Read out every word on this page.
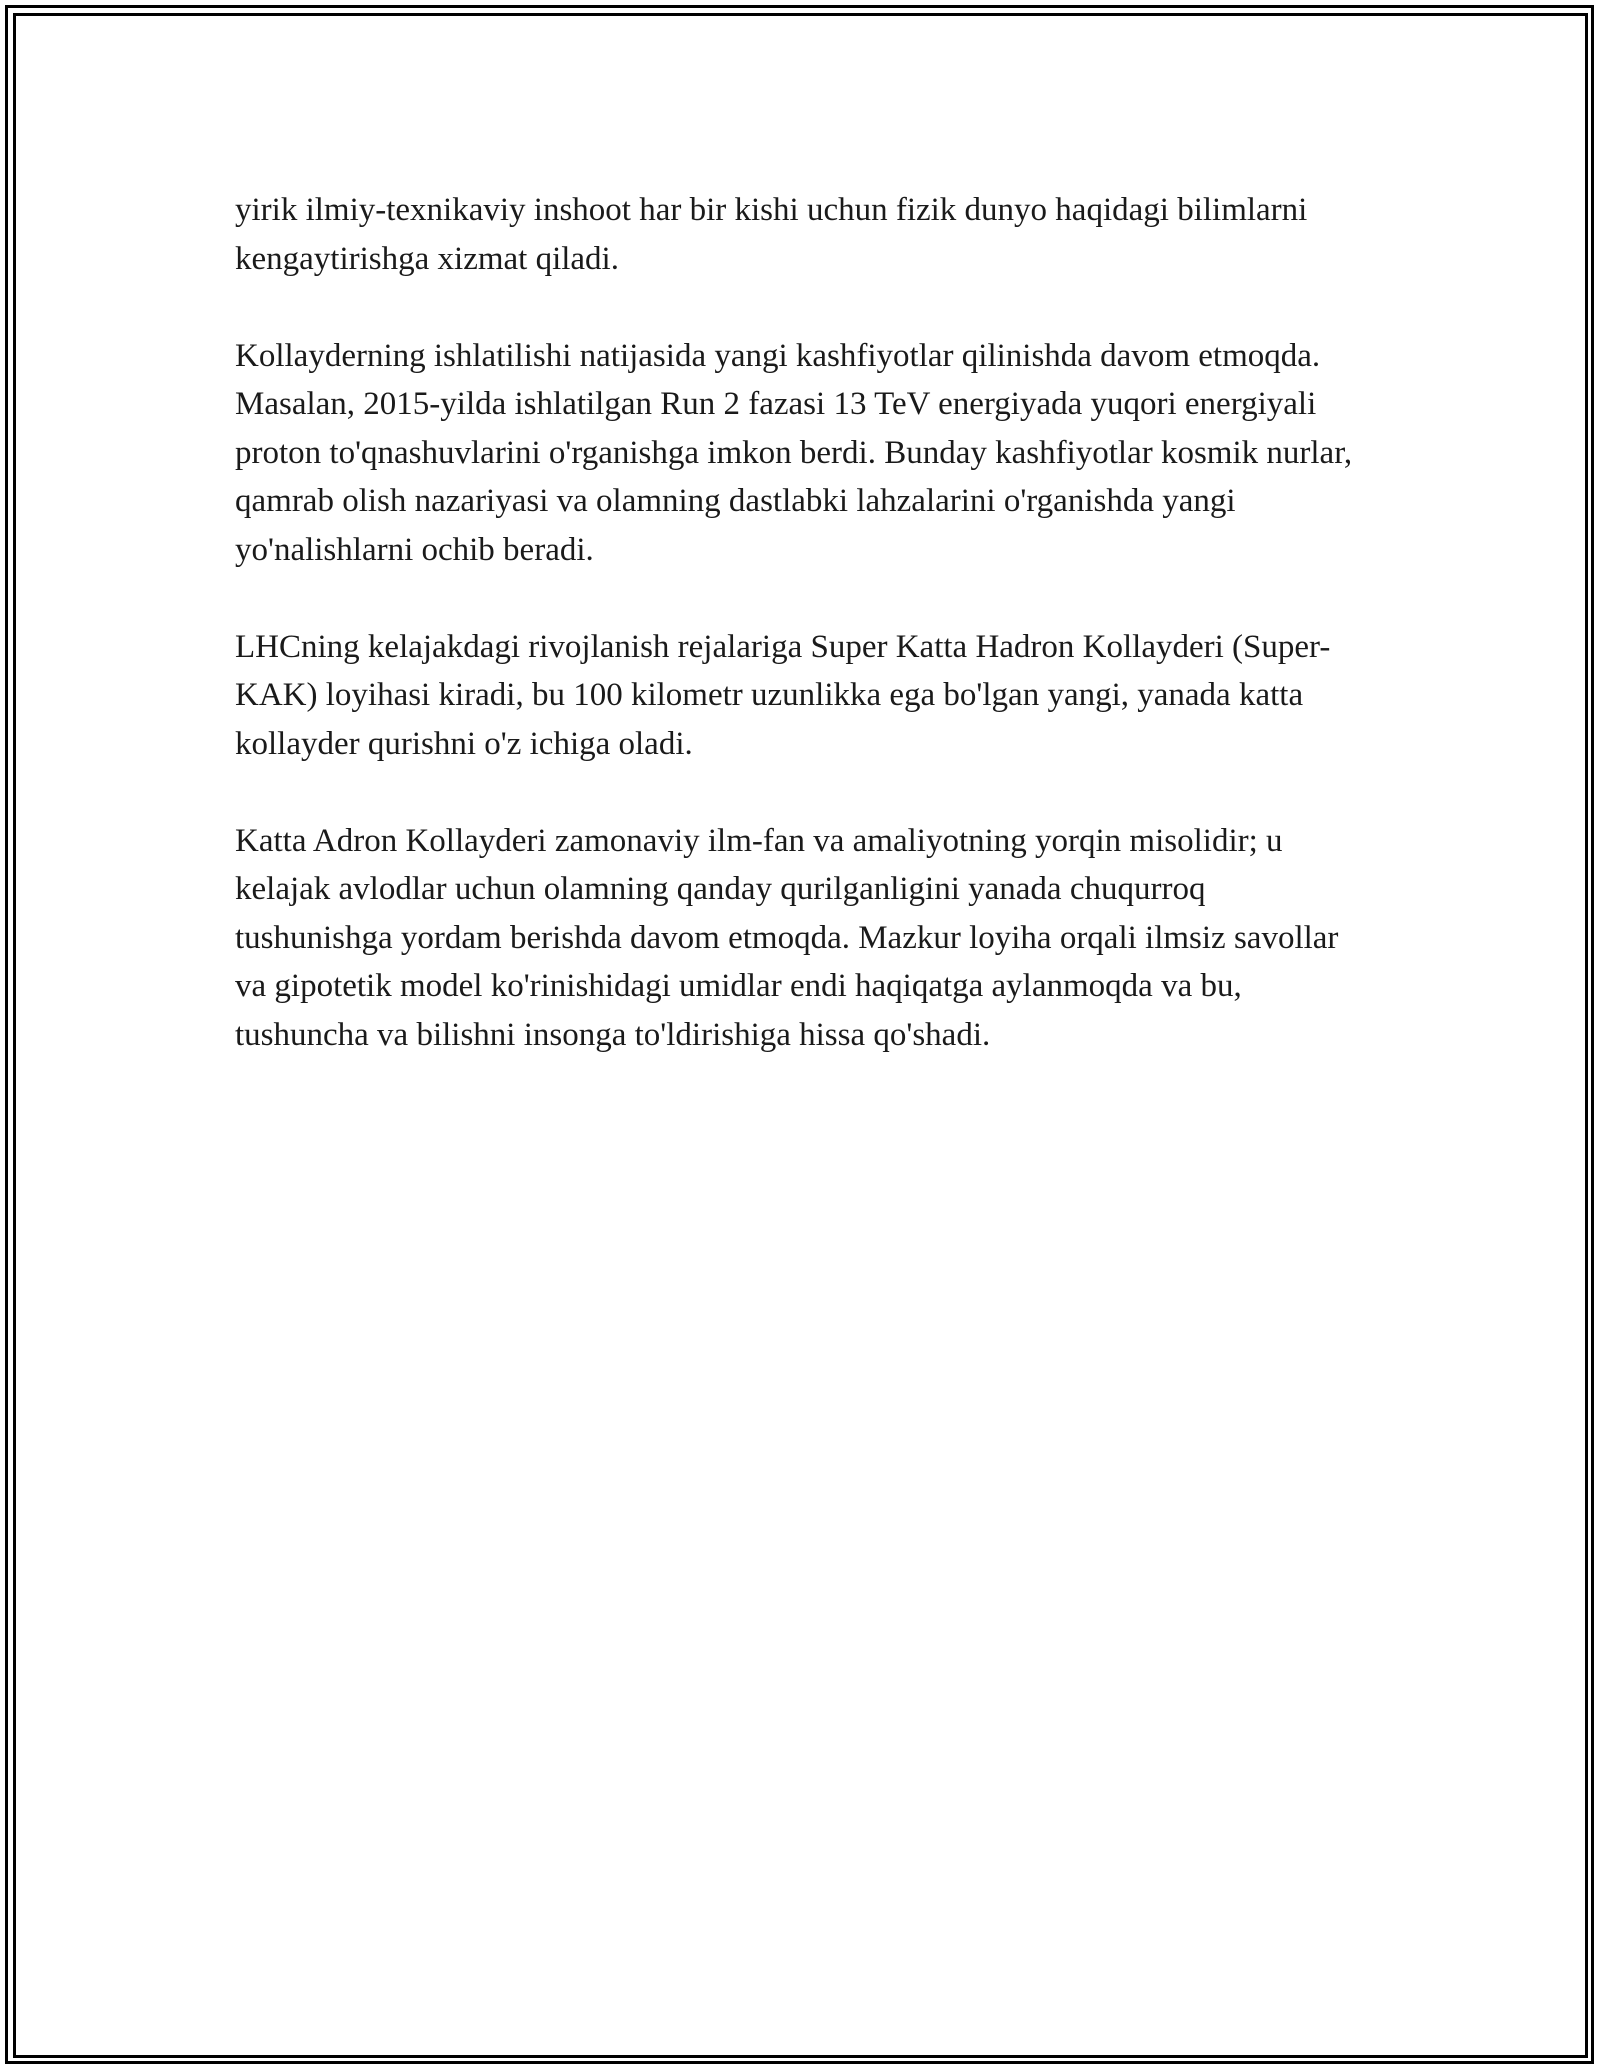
yirik ilmiy-texnikaviy inshoot har bir kishi uchun fizik dunyo haqidagi bilimlarni kengaytirishga xizmat qiladi.

Kollayderning ishlatilishi natijasida yangi kashfiyotlar qilinishda davom etmoqda. Masalan, 2015-yilda ishlatilgan Run 2 fazasi 13 TeV energiyada yuqori energiyali proton to'qnashuvlarini o'rganishga imkon berdi. Bunday kashfiyotlar kosmik nurlar, qamrab olish nazariyasi va olamning dastlabki lahzalarini o'rganishda yangi yo'nalishlarni ochib beradi.

LHCning kelajakdagi rivojlanish rejalariga Super Katta Hadron Kollayderi (Super-KAK) loyihasi kiradi, bu 100 kilometr uzunlikka ega bo'lgan yangi, yanada katta kollayder qurishni o'z ichiga oladi.

Katta Adron Kollayderi zamonaviy ilm-fan va amaliyotning yorqin misolidir; u kelajak avlodlar uchun olamning qanday qurilganligini yanada chuqurroq tushunishga yordam berishda davom etmoqda. Mazkur loyiha orqali ilmsiz savollar va gipotetik model ko'rinishidagi umidlar endi haqiqatga aylanmoqda va bu, tushuncha va bilishni insonga to'ldirishiga hissa qo'shadi.
